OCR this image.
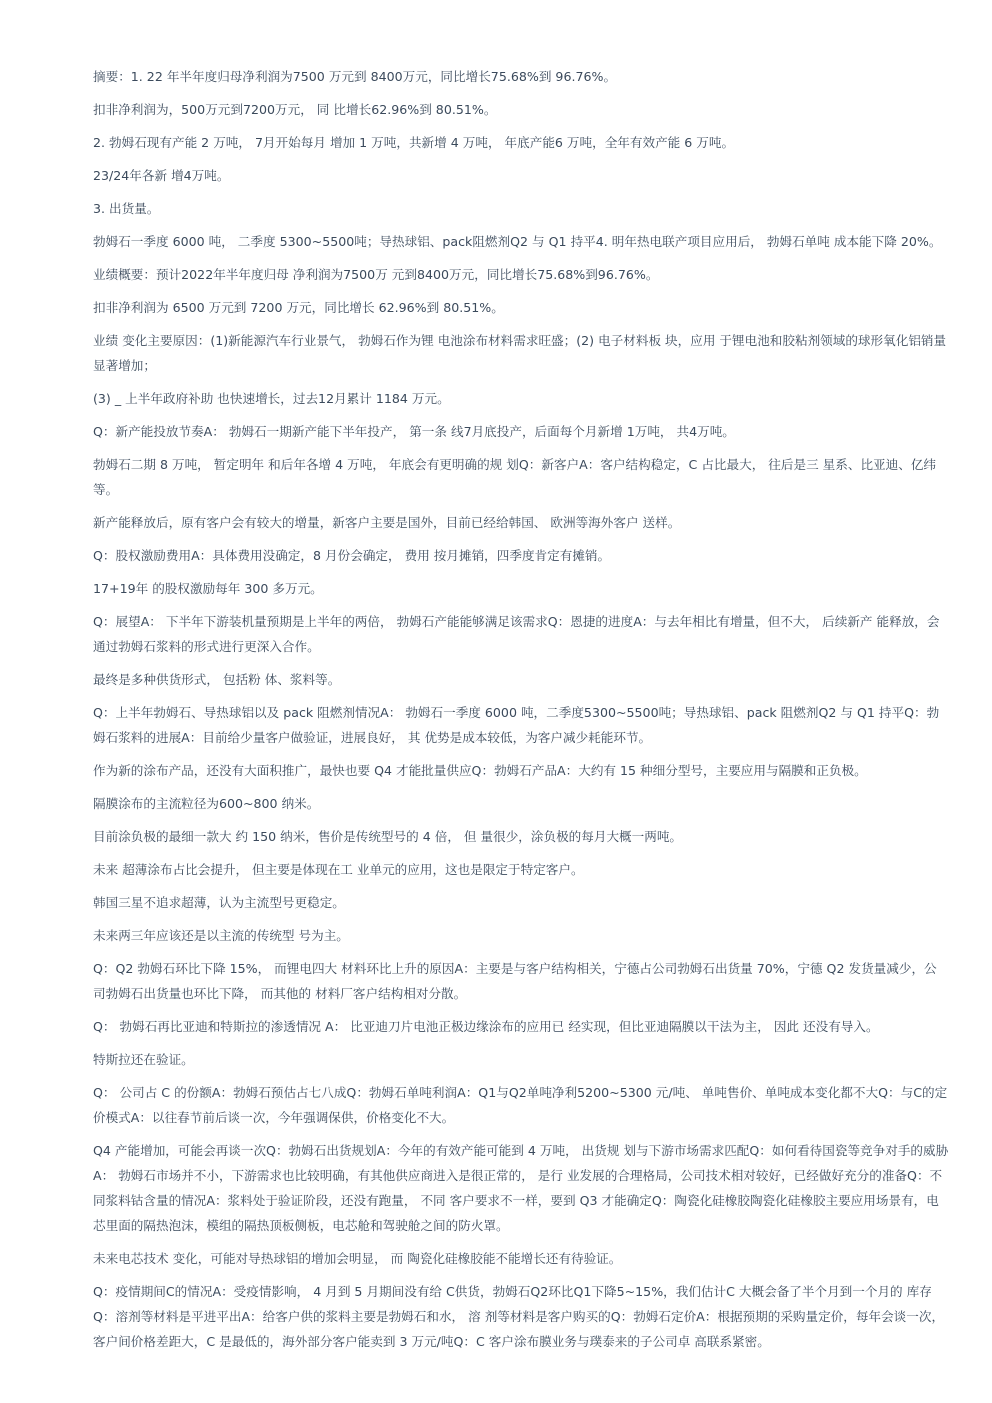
摘要：1. 22 年半年度归母净利润为7500 万元到 8400万元，同比增长75.68%到 96.76%。

扣非净利润为，500万元到7200万元， 同 比增长62.96%到 80.51%。

2. 勃姆石现有产能 2 万吨， 7月开始每月 增加 1 万吨，共新增 4 万吨， 年底产能6 万吨，全年有效产能 6 万吨。

23/24年各新 增4万吨。

3. 出货量。

勃姆石一季度 6000 吨， 二季度 5300~5500吨；导热球铝、pack阻燃剂Q2 与 Q1 持平4. 明年热电联产项目应用后， 勃姆石单吨 成本能下降 20%。

业绩概要：预计2022年半年度归母 净利润为7500万 元到8400万元，同比增长75.68%到96.76%。

扣非净利润为 6500 万元到 7200 万元，同比增长 62.96%到 80.51%。

业绩 变化主要原因：(1)新能源汽车行业景气， 勃姆石作为锂 电池涂布材料需求旺盛；(2) 电子材料板 块，应用 于锂电池和胶粘剂领域的球形氧化铝销量显著增加；

(3) _ 上半年政府补助 也快速增长，过去12月累计 1184 万元。

Q：新产能投放节奏A： 勃姆石一期新产能下半年投产， 第一条 线7月底投产，后面每个月新增 1万吨， 共4万吨。

勃姆石二期 8 万吨， 暂定明年 和后年各增 4 万吨， 年底会有更明确的规 划Q：新客户A：客户结构稳定，C 占比最大， 往后是三 星系、比亚迪、亿纬等。

新产能释放后，原有客户会有较大的增量，新客户主要是国外，目前已经给韩国、 欧洲等海外客户 送样。

Q：股权激励费用A：具体费用没确定，8 月份会确定， 费用 按月摊销，四季度肯定有摊销。

17+19年 的股权激励每年 300 多万元。

Q：展望A： 下半年下游装机量预期是上半年的两倍， 勃姆石产能能够满足该需求Q：恩捷的进度A：与去年相比有增量，但不大， 后续新产 能释放，会通过勃姆石浆料的形式进行更深入合作。

最终是多种供货形式， 包括粉 体、浆料等。

Q：上半年勃姆石、导热球铝以及 pack 阻燃剂情况A： 勃姆石一季度 6000 吨，二季度5300~5500吨；导热球铝、pack 阻燃剂Q2 与 Q1 持平Q：勃姆石浆料的进展A：目前给少量客户做验证，进展良好， 其 优势是成本较低，为客户减少耗能环节。

作为新的涂布产品，还没有大面积推广，最快也要 Q4 才能批量供应Q：勃姆石产品A：大约有 15 种细分型号，主要应用与隔膜和正负极。

隔膜涂布的主流粒径为600~800 纳米。

目前涂负极的最细一款大 约 150 纳米，售价是传统型号的 4 倍， 但 量很少，涂负极的每月大概一两吨。

未来 超薄涂布占比会提升， 但主要是体现在工 业单元的应用，这也是限定于特定客户。

韩国三星不追求超薄，认为主流型号更稳定。

未来两三年应该还是以主流的传统型 号为主。

Q：Q2 勃姆石环比下降 15%， 而锂电四大 材料环比上升的原因A：主要是与客户结构相关，宁德占公司勃姆石出货量 70%，宁德 Q2 发货量减少，公司勃姆石出货量也环比下降， 而其他的 材料厂客户结构相对分散。

Q： 勃姆石再比亚迪和特斯拉的渗透情况 A： 比亚迪刀片电池正极边缘涂布的应用已 经实现，但比亚迪隔膜以干法为主， 因此 还没有导入。

特斯拉还在验证。

Q： 公司占 C 的份额A：勃姆石预估占七八成Q：勃姆石单吨利润A：Q1与Q2单吨净利5200~5300 元/吨、 单吨售价、单吨成本变化都不大Q：与C的定价模式A：以往春节前后谈一次，今年强调保供，价格变化不大。

Q4 产能增加，可能会再谈一次Q：勃姆石出货规划A：今年的有效产能可能到 4 万吨， 出货规 划与下游市场需求匹配Q：如何看待国瓷等竞争对手的威胁A： 勃姆石市场并不小，下游需求也比较明确，有其他供应商进入是很正常的， 是行 业发展的合理格局，公司技术相对较好，已经做好充分的准备Q：不同浆料钴含量的情况A：浆料处于验证阶段，还没有跑量， 不同 客户要求不一样，要到 Q3 才能确定Q：陶瓷化硅橡胶陶瓷化硅橡胶主要应用场景有，电芯里面的隔热泡沫，模组的隔热顶板侧板，电芯舱和驾驶舱之间的防火罩。

未来电芯技术 变化，可能对导热球铝的增加会明显， 而 陶瓷化硅橡胶能不能增长还有待验证。

Q：疫情期间C的情况A：受疫情影响， 4 月到 5 月期间没有给 C供货，勃姆石Q2环比Q1下降5~15%，我们估计C 大概会备了半个月到一个月的 库存Q：溶剂等材料是平进平出A：给客户供的浆料主要是勃姆石和水， 溶 剂等材料是客户购买的Q：勃姆石定价A：根据预期的采购量定价，每年会谈一次，客户间价格差距大，C 是最低的，海外部分客户能卖到 3 万元/吨Q：C 客户涂布膜业务与璞泰来的子公司卓 高联系紧密。
